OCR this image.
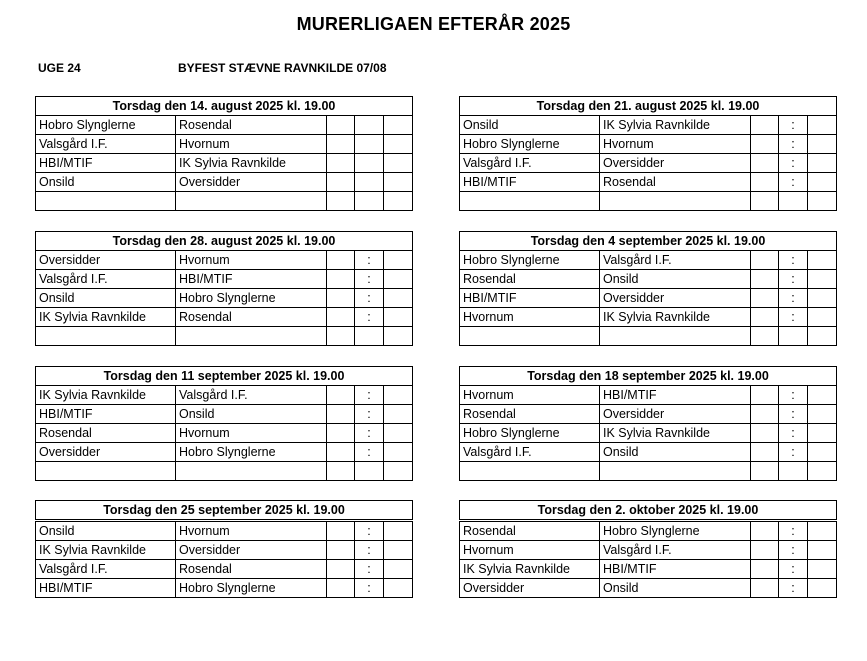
MURERLIGAEN EFTERÅR 2025
UGE 24	BYFEST STÆVNE RAVNKILDE 07/08
Torsdag den 14. august 2025 kl. 19.00				
Hobro Slynglerne	Rosendal			
Valsgård I.F.	Hvornum			
HBI/MTIF	IK Sylvia Ravnkilde			
Onsild	Oversidder			

Torsdag den 21. august 2025 kl. 19.00				
Onsild	IK Sylvia Ravnkilde		:	
Hobro Slynglerne	Hvornum		:	
Valsgård I.F.	Oversidder		:	
HBI/MTIF	Rosendal		:	

Torsdag den 28. august 2025 kl. 19.00				
Oversidder	Hvornum		:	
Valsgård I.F.	HBI/MTIF		:	
Onsild	Hobro Slynglerne		:	
IK Sylvia Ravnkilde	Rosendal		:	

Torsdag den 4 september 2025 kl. 19.00				
Hobro Slynglerne	Valsgård I.F.		:	
Rosendal	Onsild		:	
HBI/MTIF	Oversidder		:	
Hvornum	IK Sylvia Ravnkilde		:	

Torsdag den 11 september 2025 kl. 19.00				
IK Sylvia Ravnkilde	Valsgård I.F.		:	
HBI/MTIF	Onsild		:	
Rosendal	Hvornum		:	
Oversidder	Hobro Slynglerne		:	

Torsdag den 18 september 2025 kl. 19.00				
Hvornum	HBI/MTIF		:	
Rosendal	Oversidder		:	
Hobro Slynglerne	IK Sylvia Ravnkilde		:	
Valsgård I.F.	Onsild		:	

Torsdag den 25 september 2025 kl. 19.00				
Onsild	Hvornum		:	
IK Sylvia Ravnkilde	Oversidder		:	
Valsgård I.F.	Rosendal		:	
HBI/MTIF	Hobro Slynglerne		:	
Torsdag den 2. oktober 2025 kl. 19.00				
Rosendal	Hobro Slynglerne		:	
Hvornum	Valsgård I.F.		:	
IK Sylvia Ravnkilde	HBI/MTIF		:	
Oversidder	Onsild		:	
